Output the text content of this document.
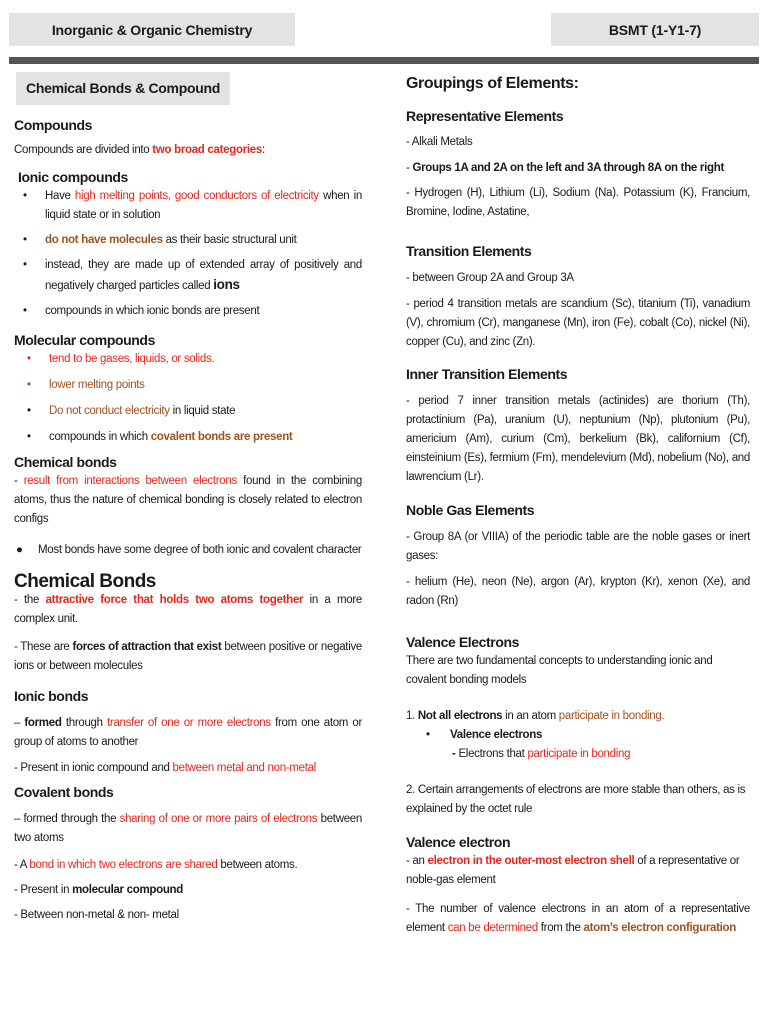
Inorganic & Organic Chemistry	BSMT (1-Y1-7)
Chemical Bonds & Compound
Compounds

Compounds are divided into two broad categories:

Ionic compounds
• Have high melting points, good conductors of electricity when in liquid state or in solution
• do not have molecules as their basic structural unit
• instead, they are made up of extended array of positively and negatively charged particles called ions
• compounds in which ionic bonds are present
Molecular compounds
• tend to be gases, liquids, or solids.
• lower melting points
• Do not conduct electricity in liquid state
• compounds in which covalent bonds are present
Chemical bonds

- result from interactions between electrons found in the combining atoms, thus the nature of chemical bonding is closely related to electron configs

● Most bonds have some degree of both ionic and covalent character
Chemical Bonds

- the attractive force that holds two atoms together in a more complex unit.

- These are forces of attraction that exist between positive or negative ions or between molecules

Ionic bonds

– formed through transfer of one or more electrons from one atom or group of atoms to another

- Present in ionic compound and between metal and non-metal

Covalent bonds

– formed through the sharing of one or more pairs of electrons between two atoms

- A bond in which two electrons are shared between atoms.

- Present in molecular compound

- Between non-metal & non- metal

Groupings of Elements:
Representative Elements

- Alkali Metals

- Groups 1A and 2A on the left and 3A through 8A on the right

- Hydrogen (H), Lithium (Li), Sodium (Na). Potassium (K), Francium, Bromine, Iodine, Astatine,

Transition Elements

- between Group 2A and Group 3A

- period 4 transition metals are scandium (Sc), titanium (Ti), vanadium (V), chromium (Cr), manganese (Mn), iron (Fe), cobalt (Co), nickel (Ni), copper (Cu), and zinc (Zn).

Inner Transition Elements

- period 7 inner transition metals (actinides) are thorium (Th), protactinium (Pa), uranium (U), neptunium (Np), plutonium (Pu), americium (Am), curium (Cm), berkelium (Bk), californium (Cf), einsteinium (Es), fermium (Fm), mendelevium (Md), nobelium (No), and lawrencium (Lr).

Noble Gas Elements

- Group 8A (or VIIIA) of the periodic table are the noble gases or inert gases:

- helium (He), neon (Ne), argon (Ar), krypton (Kr), xenon (Xe), and radon (Rn)

Valence Electrons

There are two fundamental concepts to understanding ionic and covalent bonding models

1. Not all electrons in an atom participate in bonding.

• Valence electrons
- Electrons that participate in bonding

2. Certain arrangements of electrons are more stable than others, as is explained by the octet rule

Valence electron

- an electron in the outer-most electron shell of a representative or noble-gas element

- The number of valence electrons in an atom of a representative element can be determined from the atom’s electron configuration
